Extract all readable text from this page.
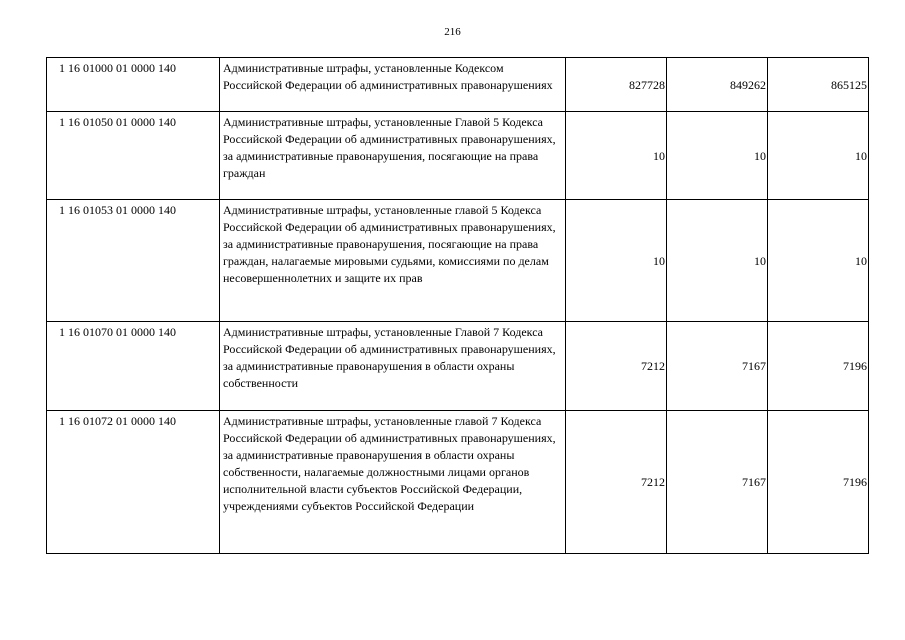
216
1 16 01000 01 0000 140	Административные штрафы, установленные Кодексом Российской Федерации об административных правонарушениях	827728	849262	865125
1 16 01050 01 0000 140	Административные штрафы, установленные Главой 5 Кодекса Российской Федерации об административных правонарушениях, за административные правонарушения, посягающие на права граждан	10	10	10
1 16 01053 01 0000 140	Административные штрафы, установленные главой 5 Кодекса Российской Федерации об административных правонарушениях, за административные правонарушения, посягающие на права граждан, налагаемые мировыми судьями, комиссиями по делам несовершеннолетних и защите их прав	10	10	10
1 16 01070 01 0000 140	Административные штрафы, установленные Главой 7 Кодекса Российской Федерации об административных правонарушениях, за административные правонарушения в области охраны собственности	7212	7167	7196
1 16 01072 01 0000 140	Административные штрафы, установленные главой 7 Кодекса Российской Федерации об административных правонарушениях, за административные правонарушения в области охраны собственности, налагаемые должностными лицами органов исполнительной власти субъектов Российской Федерации, учреждениями субъектов Российской Федерации	7212	7167	7196
